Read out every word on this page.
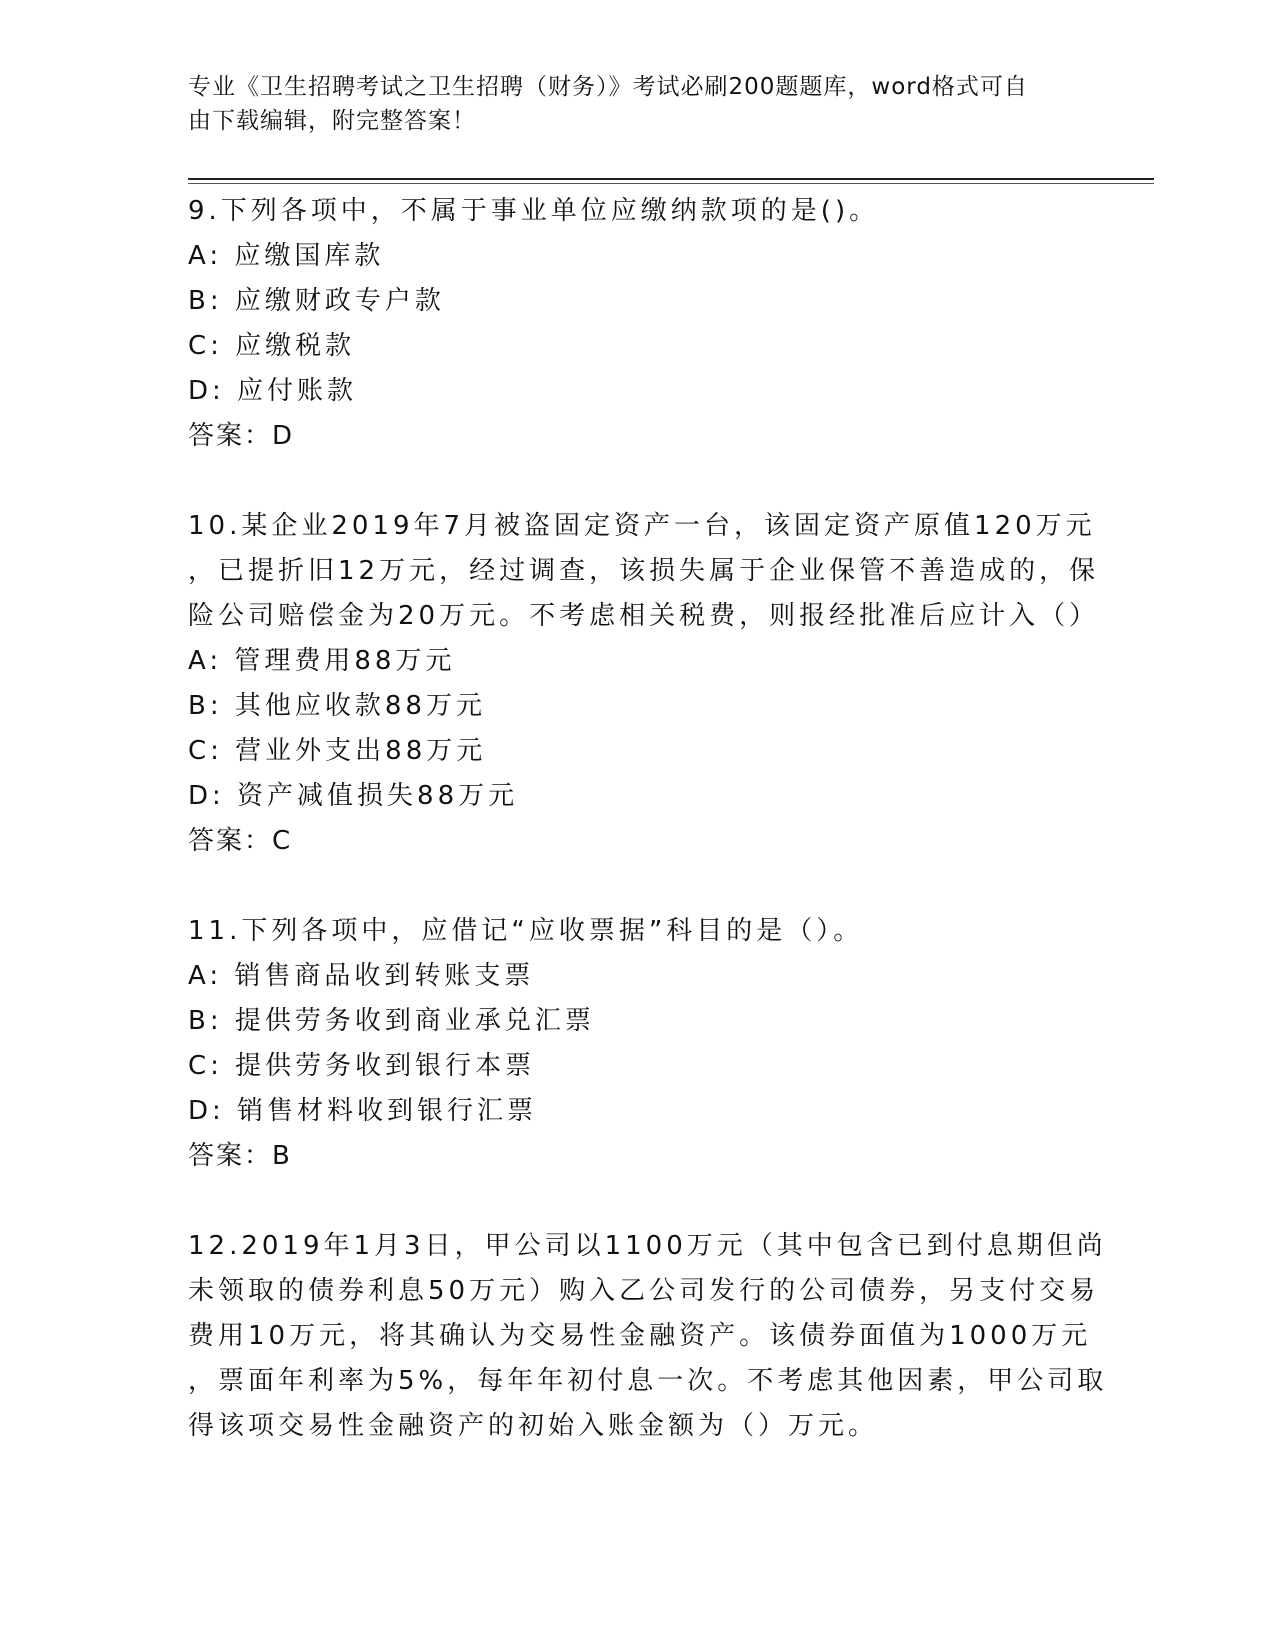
专业《卫生招聘考试之卫生招聘（财务）》考试必刷200题题库，word格式可自
由下载编辑，附完整答案！
9.下列各项中，不属于事业单位应缴纳款项的是()。
A: 应缴国库款
B: 应缴财政专户款
C: 应缴税款
D: 应付账款
答案：D
10.某企业2019年7月被盗固定资产一台，该固定资产原值120万元
，已提折旧12万元，经过调查，该损失属于企业保管不善造成的，保
险公司赔偿金为20万元。不考虑相关税费，则报经批准后应计入（）
A: 管理费用88万元
B: 其他应收款88万元
C: 营业外支出88万元
D: 资产减值损失88万元
答案：C
11.下列各项中，应借记“应收票据”科目的是（）。
A: 销售商品收到转账支票
B: 提供劳务收到商业承兑汇票
C: 提供劳务收到银行本票
D: 销售材料收到银行汇票
答案：B
12.2019年1月3日，甲公司以1100万元（其中包含已到付息期但尚
未领取的债券利息50万元）购入乙公司发行的公司债券，另支付交易
费用10万元，将其确认为交易性金融资产。该债券面值为1000万元
，票面年利率为5%，每年年初付息一次。不考虑其他因素，甲公司取
得该项交易性金融资产的初始入账金额为（）万元。
